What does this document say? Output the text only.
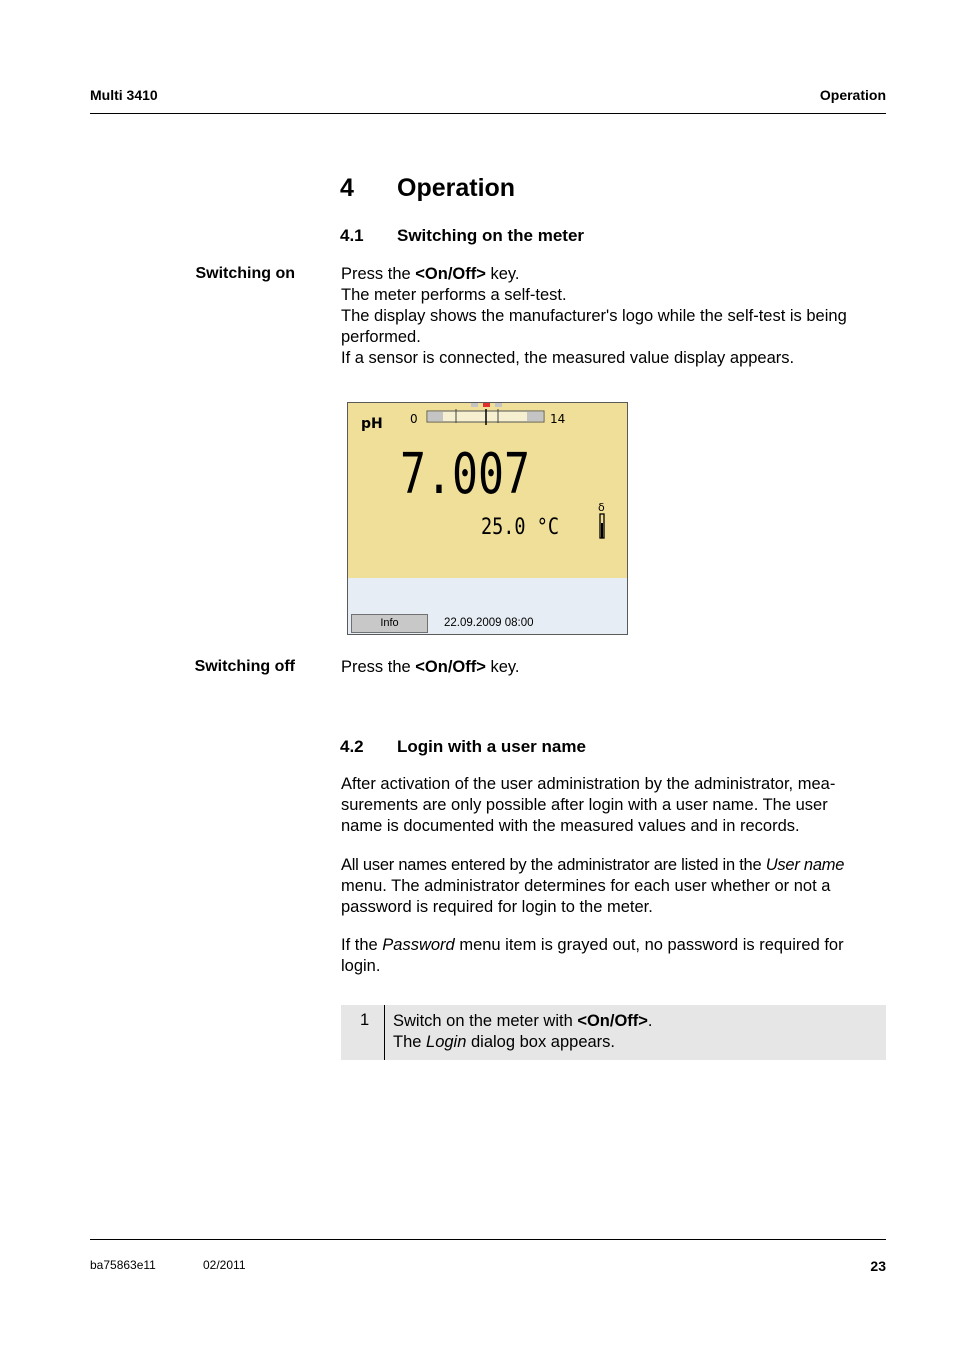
Multi 3410	Operation
4 Operation
4.1 Switching on the meter
Switching on	Press the <On/Off> key.
The meter performs a self-test.
The display shows the manufacturer's logo while the self-test is being
performed.
If a sensor is connected, the measured value display appears.
pH 0	14
7.007
25.0 °C
δ
Info	22.09.2009 08:00
Switching off	Press the <On/Off> key.
4.2 Login with a user name
After activation of the user administration by the administrator, mea-
surements are only possible after login with a user name. The user
name is documented with the measured values and in records.
All user names entered by the administrator are listed in the User name
menu. The administrator determines for each user whether or not a
password is required for login to the meter.
If the Password menu item is grayed out, no password is required for
login.
1 Switch on the meter with <On/Off>.
The Login dialog box appears.
ba75863e11	02/2011	23
